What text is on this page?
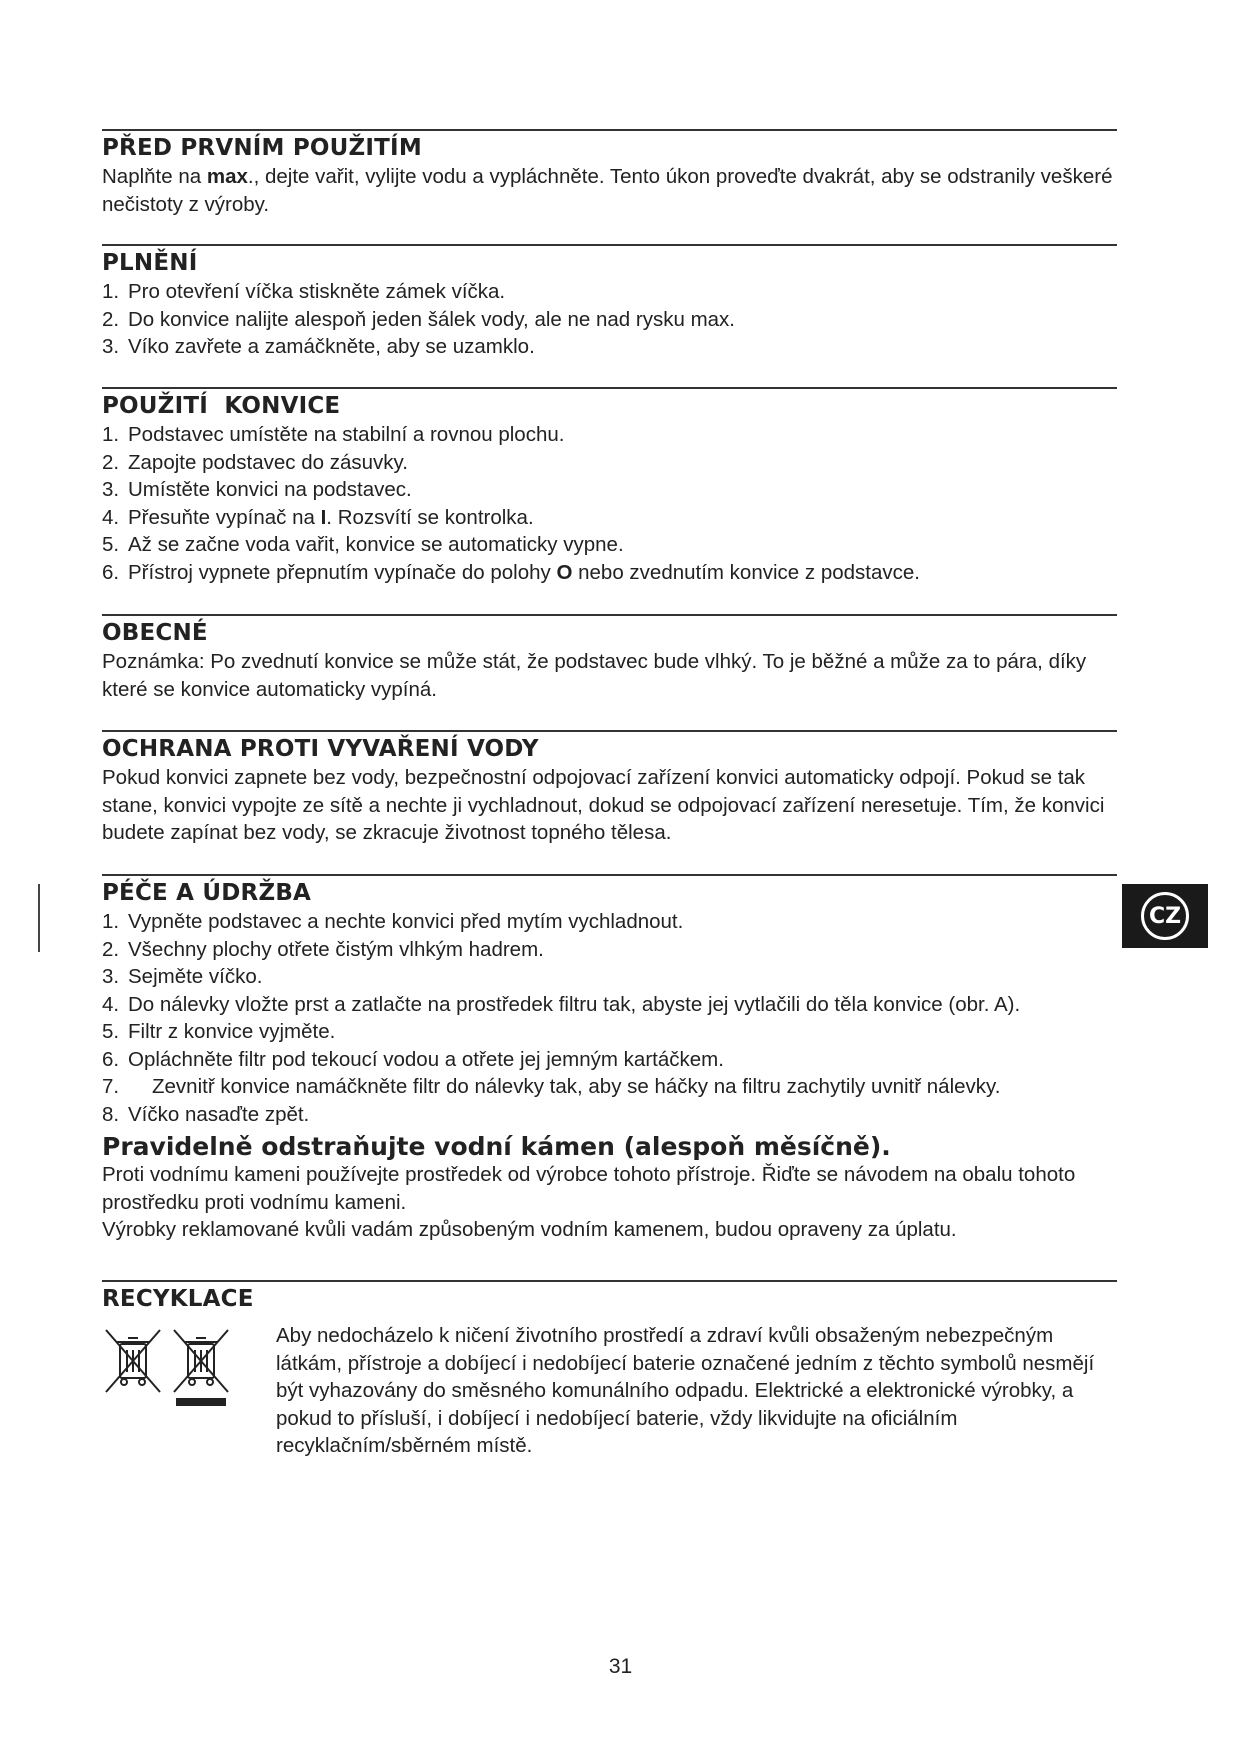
PŘED PRVNÍM POUŽITÍM
Naplňte na max., dejte vařit, vylijte vodu a vypláchněte. Tento úkon proveďte dvakrát, aby se odstranily veškeré nečistoty z výroby.
PLNĚNÍ
1. Pro otevření víčka stiskněte zámek víčka.
2. Do konvice nalijte alespoň jeden šálek vody, ale ne nad rysku max.
3. Víko zavřete a zamáčkněte, aby se uzamklo.
POUŽITÍ  KONVICE
1. Podstavec umístěte na stabilní a rovnou plochu.
2. Zapojte podstavec do zásuvky.
3. Umístěte konvici na podstavec.
4. Přesuňte vypínač na I. Rozsvítí se kontrolka.
5. Až se začne voda vařit, konvice se automaticky vypne.
6. Přístroj vypnete přepnutím vypínače do polohy O nebo zvednutím konvice z podstavce.
OBECNÉ
Poznámka: Po zvednutí konvice se může stát, že podstavec bude vlhký. To je běžné a může za to pára, díky které se konvice automaticky vypíná.
OCHRANA PROTI VYVAŘENÍ VODY
Pokud konvici zapnete bez vody, bezpečnostní odpojovací zařízení konvici automaticky odpojí. Pokud se tak stane, konvici vypojte ze sítě a nechte ji vychladnout, dokud se odpojovací zařízení neresetuje. Tím, že konvici budete zapínat bez vody, se zkracuje životnost topného tělesa.
PÉČE A ÚDRŽBA
1. Vypněte podstavec a nechte konvici před mytím vychladnout.
2. Všechny plochy otřete čistým vlhkým hadrem.
3. Sejměte víčko.
4. Do nálevky vložte prst a zatlačte na prostředek filtru tak, abyste jej vytlačili do těla konvice (obr. A).
5. Filtr z konvice vyjměte.
6. Opláchněte filtr pod tekoucí vodou a otřete jej jemným kartáčkem.
7.	Zevnitř konvice namáčkněte filtr do nálevky tak, aby se háčky na filtru zachytily uvnitř nálevky.
8. Víčko nasaďte zpět.
Pravidelně odstraňujte vodní kámen (alespoň měsíčně).
Proti vodnímu kameni používejte prostředek od výrobce tohoto přístroje. Řiďte se návodem na obalu tohoto prostředku proti vodnímu kameni.
Výrobky reklamované kvůli vadám způsobeným vodním kamenem, budou opraveny za úplatu.
RECYKLACE
Aby nedocházelo k ničení životního prostředí a zdraví kvůli obsaženým nebezpečným látkám, přístroje a dobíjecí i nedobíjecí baterie označené jedním z těchto symbolů nesmějí být vyhazovány do směsného komunálního odpadu. Elektrické a elektronické výrobky, a pokud to přísluší, i dobíjecí i nedobíjecí baterie, vždy likvidujte na oficiálním recyklačním/sběrném místě.
CZ
31
